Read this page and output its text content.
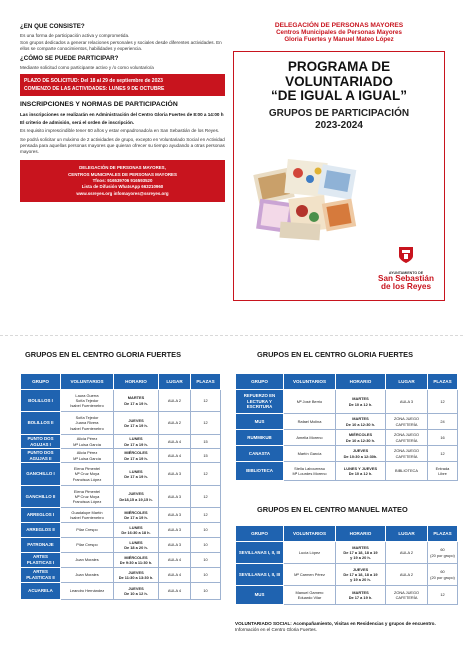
¿EN QUE CONSISTE?
Es una forma de participación activa y comprometida.
Son grupos dedicados a generar relaciones personales y sociales desde diferentes actividades. En ellos se comparte conocimientos, habilidades y experiencia.
¿CÓMO SE PUEDE PARTICIPAR?
Mediante solicitud como participante activo y /o como voluntario/a
PLAZO DE SOLICITUD: Del 18 al 29 de septiembre de 2023
COMIENZO DE LAS ACTIVIDADES: LUNES 9 DE OCTUBRE
INSCRIPCIONES Y NORMAS DE PARTICIPACIÓN
Las inscripciones se realizarán en Administración del Centro Gloria Fuertes de 8:00 a 14:00 h
El criterio de admisión, será el orden de inscripción.
Es requisito imprescindible tener 60 años y estar empadronado/a en San Sebastián de los Reyes.
Se podrá solicitar un máximo de 2 actividades de grupo, excepto en Voluntariado Social en Actividad pensada para aquellas personas mayores que quieran ofrecer su tiempo ayudando a otras personas mayores.
DELEGACIÓN DE PERSONAS MAYORES,
CENTROS MUNICIPALES DE PERSONAS MAYORES
Tfnos: 916539706 916593520
Lista de Difusión WhatsApp 663210960
www.ssreyes.org infomayores@ssreyes.org
DELEGACIÓN DE PERSONAS MAYORES
Centros Municipales de Personas Mayores
Gloria Fuertes y Manuel Mateo López
PROGRAMA DE
VOLUNTARIADO
“DE IGUAL A IGUAL”
GRUPOS DE PARTICIPACIÓN
2023-2024
AYUNTAMIENTO DE
San Sebastián
de los Reyes
GRUPOS EN EL CENTRO GLORIA FUERTES
GRUPO	VOLUNTARIOS	HORARIO	LUGAR	PLAZAS
BOLILLOS I	Laura Guerra
Sofía Tejedor
Isabel Fuentenebro	MARTES
De 17 a 19 h.	AULA 2	12
BOLILLOS II	Sofía Tejedor
Juana Rivera
Isabel Fuentenebro	JUEVES
De 17 a 19 h.	AULA 2	12
PUNTO DOS AGUJAS I	Alicia Pérez
Mª Luisa García	LUNES
De 17 a 19 h.	AULA 4	15
PUNTO DOS AGUJAS II	Alicia Pérez
Mª Luisa García	MIÉRCOLES
De 17 a 19 h.	AULA 4	15
GANCHILLO I	Elena Pimentel
Mª Cruz Moya
Francisca López	LUNES
De 17 a 19 h.	AULA 3	12
GANCHILLO II	Elena Pimentel
Mª Cruz Moya
Francisca López	JUEVES
De18,15 a 19,15 h.	AULA 3	12
ARREGLOS I	Guadalupe Martín
Isabel Fuentenebro	MIÉRCOLES
De 17 a 19 h.	AULA 3	12
ARREGLOS II	Pilar Crespo	LUNES
De 16:30 a 18 h.	AULA 3	10
PATRONAJE	Pilar Crespo	LUNES
De 18 a 20 h.	AULA 3	10
ARTES PLASTICAS I	Juan Morales	MIÉRCOLES
De 9:30 a 11:30 h.	AULA 4	10
ARTES PLASTICAS II	Juan Morales	JUEVES
De 11:30 a 13:30 h.	AULA 4	10
ACUARELA	Leandro Hernández	JUEVES
De 10 a 12 h.	AULA 4	10
GRUPOS EN EL CENTRO GLORIA FUERTES
GRUPO	VOLUNTARIOS	HORARIO	LUGAR	PLAZAS
REFUERZO EN LECTURA Y ESCRITURA	Mª José Berrio	MARTES
De 10 a 12 h.	AULA 3	12
MUS	Rafael Molina	MARTES
De 10 a 12:30 h.	ZONA JUEGO
CAFETERÍA	24
RUMMIKUB	Amelia Moreno	MIÉRCOLES
De 10 a 12:30 h.	ZONA JUEGO
CAFETERÍA	16
CANASTA	Martín García	JUEVES
De 10:30 a 12:30h.	ZONA JUEGO
CAFETERÍA	12
BIBLIOTECA	Stella Labourreau
Mª Lourdes Moreno	LUNES Y JUEVES
De 10 a 12 h.	BIBLIOTECA	Entrada
Libre
GRUPOS EN EL CENTRO MANUEL MATEO
GRUPO	VOLUNTARIOS	HORARIO	LUGAR	PLAZAS
SEVILLANAS I, II, III	Lucía López	MARTES
De 17 a 18, 18 a 19
y 19 a 20 h.	AULA 2	60
(20 por grupo)
SEVILLANAS I, II, III	Mª Carmen Pérez	JUEVES
De 17 a 18, 18 a 19
y 19 a 20 h.	AULA 2	60
(20 por grupo)
MUS	Manuel Gamero
Eduardo Vilar	MARTES
De 17 a 19 h.	ZONA JUEGO
CAFETERÍA	12
VOLUNTARIADO SOCIAL: Acompañamiento, Visitas en Residencias y grupos de encuentro. Información en el Centro Gloria Fuertes.
